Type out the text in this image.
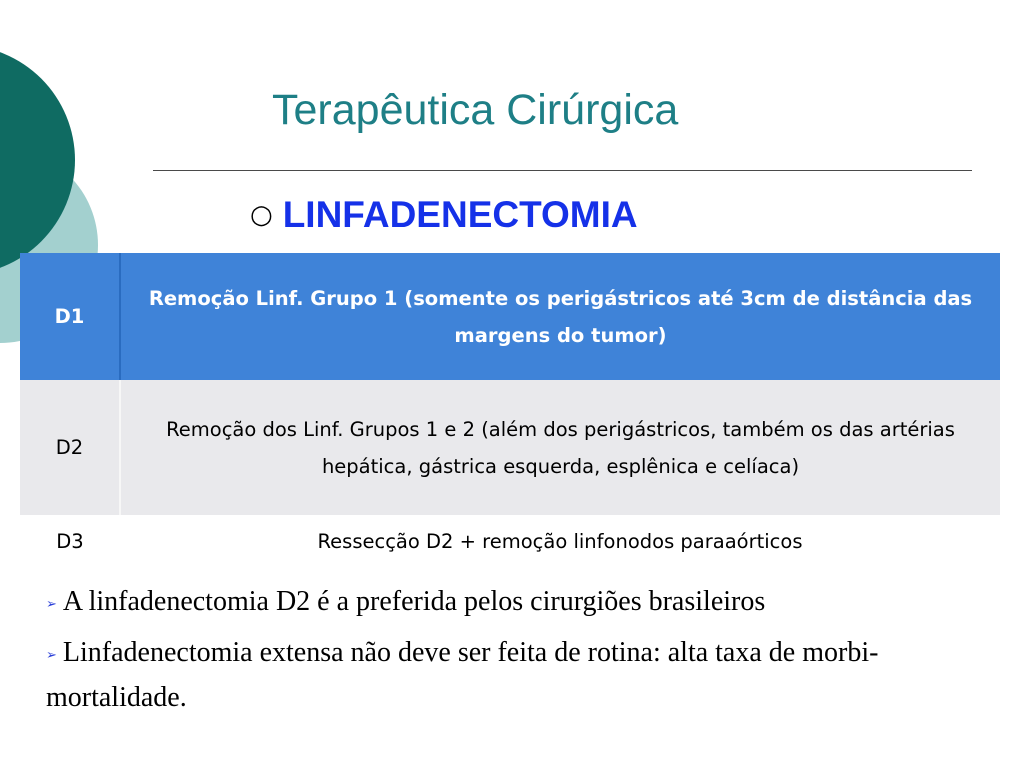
Terapêutica Cirúrgica
○ LINFADENECTOMIA
D1	Remoção Linf. Grupo 1 (somente os perigástricos até 3cm de distância das margens do tumor)
D2	Remoção dos Linf. Grupos 1 e 2 (além dos perigástricos, também os das artérias hepática, gástrica esquerda, esplênica e celíaca)
D3	Ressecção D2 + remoção linfonodos paraaórticos

➢ A linfadenectomia D2 é a preferida pelos cirurgiões brasileiros

➢ Linfadenectomia extensa não deve ser feita de rotina: alta taxa de morbi-mortalidade.
